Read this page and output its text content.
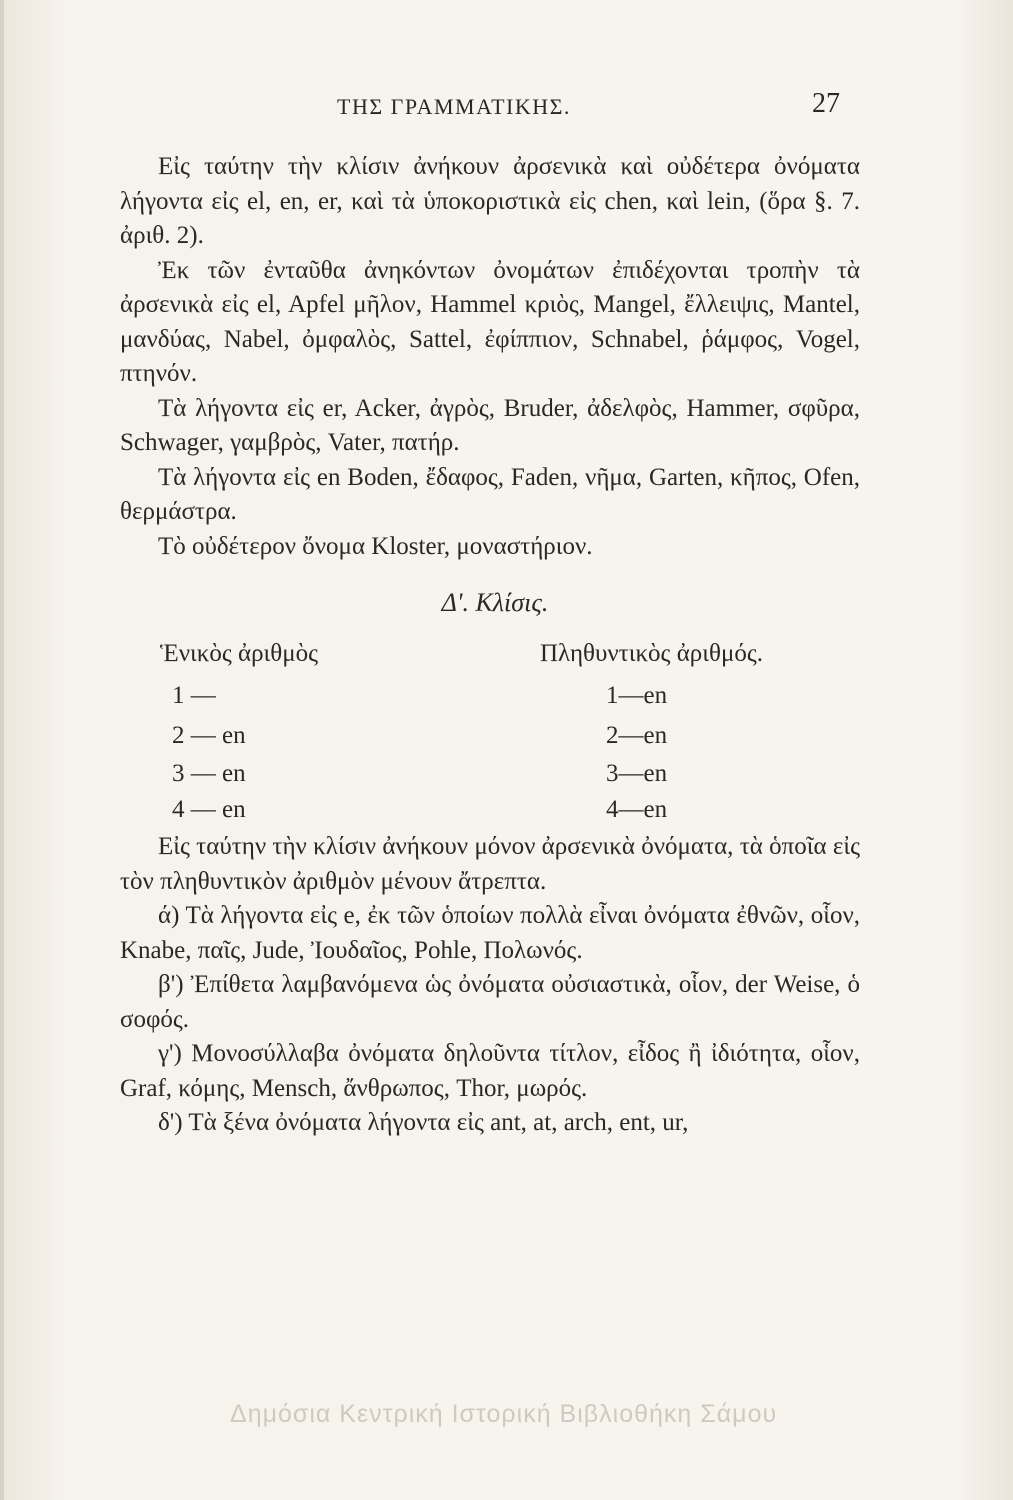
ΤΗΣ ΓΡΑΜΜΑΤΙΚΗΣ.	27

Εἰς ταύτην τὴν κλίσιν ἀνήκουν ἀρσενικὰ καὶ οὐδέτερα ὀνόματα λήγοντα εἰς el, en, er, καὶ τὰ ὑποκοριστικὰ εἰς chen, καὶ lein, (ὅρα §. 7. ἀριθ. 2).

Ἐκ τῶν ἐνταῦθα ἀνηκόντων ὀνομάτων ἐπιδέχονται τροπὴν τὰ ἀρσενικὰ εἰς el, Apfel μῆλον, Hammel κριὸς, Mangel, ἔλλειψις, Mantel, μανδύας, Nabel, ὀμφαλὸς, Sattel, ἐφίππιον, Schnabel, ῥάμφος, Vogel, πτηνόν.

Τὰ λήγοντα εἰς er, Acker, ἀγρὸς, Bruder, ἀδελφὸς, Hammer, σφῦρα, Schwager, γαμβρὸς, Vater, πατήρ.

Τὰ λήγοντα εἰς en Boden, ἔδαφος, Faden, νῆμα, Garten, κῆπος, Ofen, θερμάστρα.

Τὸ οὐδέτερον ὄνομα Kloster, μοναστήριον.

Δ'. Κλίσις.
Ἑνικὸς ἀριθμὸς	Πληθυντικὸς ἀριθμός.
1 —	1—en
2 — en	2—en
3 — en	3—en
4 — en	4—en

Εἰς ταύτην τὴν κλίσιν ἀνήκουν μόνον ἀρσενικὰ ὀνόματα, τὰ ὁποῖα εἰς τὸν πληθυντικὸν ἀριθμὸν μένουν ἄτρεπτα.

ά) Τὰ λήγοντα εἰς e, ἐκ τῶν ὁποίων πολλὰ εἶναι ὀνόματα ἐθνῶν, οἷον, Knabe, παῖς, Jude, Ἰουδαῖος, Pohle, Πολωνός.

β') Ἐπίθετα λαμβανόμενα ὡς ὀνόματα οὐσιαστικὰ, οἷον, der Weise, ὁ σοφός.

γ') Μονοσύλλαβα ὀνόματα δηλοῦντα τίτλον, εἶδος ἢ ἰδιότητα, οἷον, Graf, κόμης, Mensch, ἄνθρωπος, Thor, μωρός.

δ') Τὰ ξένα ὀνόματα λήγοντα εἰς ant, at, arch, ent, ur,

Δημόσια Κεντρική Ιστορική Βιβλιοθήκη Σάμου
